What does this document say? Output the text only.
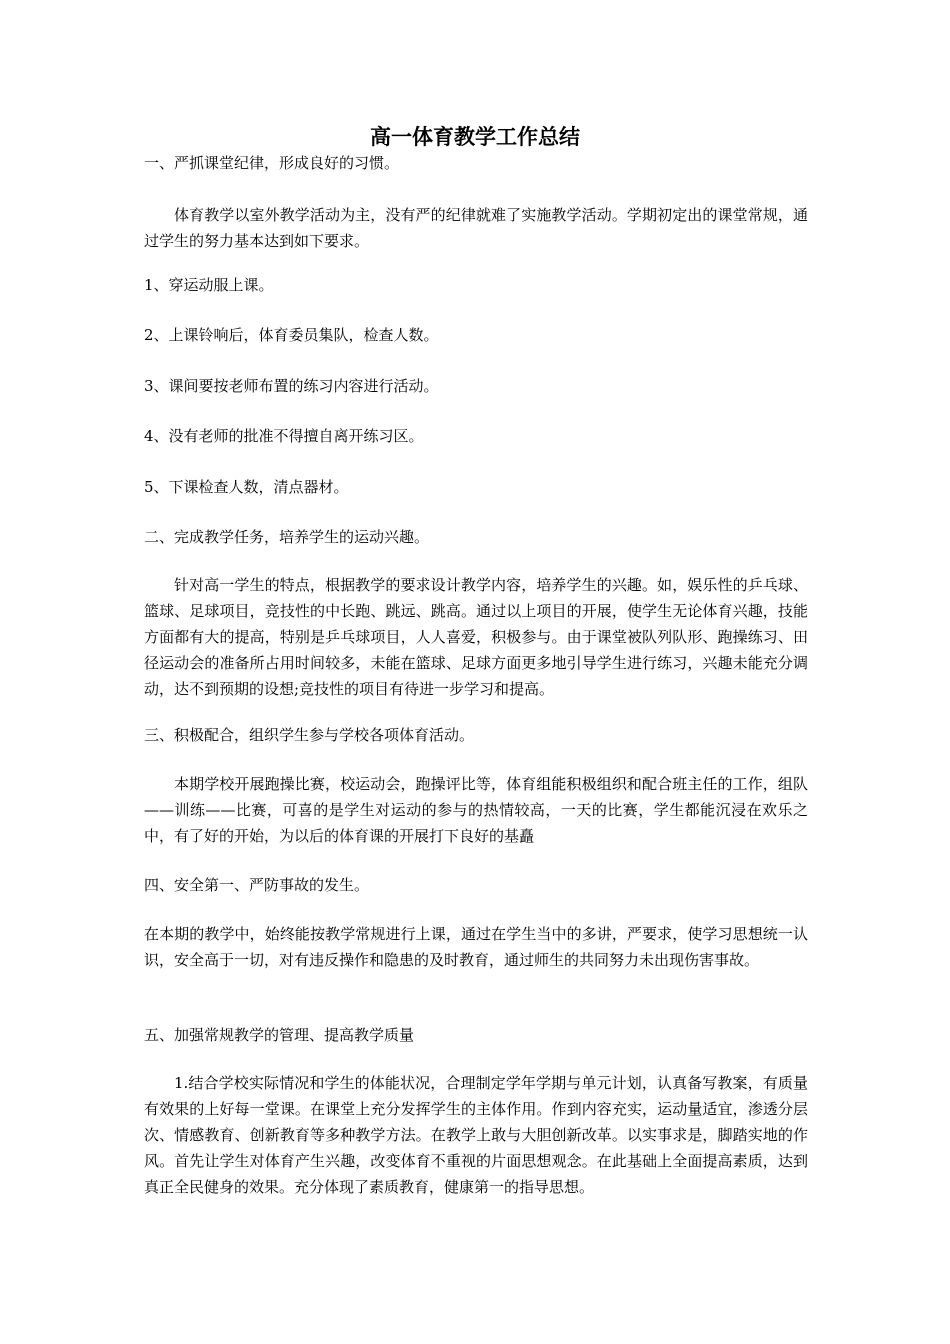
高一体育教学工作总结

一、严抓课堂纪律，形成良好的习惯。

体育教学以室外教学活动为主，没有严的纪律就难了实施教学活动。学期初定出的课堂常规，通过学生的努力基本达到如下要求。

1、穿运动服上课。

2、上课铃响后，体育委员集队，检查人数。

3、课间要按老师布置的练习内容进行活动。

4、没有老师的批准不得擅自离开练习区。

5、下课检查人数，清点器材。

二、完成教学任务，培养学生的运动兴趣。

针对高一学生的特点，根据教学的要求设计教学内容，培养学生的兴趣。如，娱乐性的乒乓球、篮球、足球项目，竞技性的中长跑、跳远、跳高。通过以上项目的开展，使学生无论体育兴趣，技能方面都有大的提高，特别是乒乓球项目，人人喜爱，积极参与。由于课堂被队列队形、跑操练习、田径运动会的准备所占用时间较多，未能在篮球、足球方面更多地引导学生进行练习，兴趣未能充分调动，达不到预期的设想;竞技性的项目有待进一步学习和提高。

三、积极配合，组织学生参与学校各项体育活动。

本期学校开展跑操比赛，校运动会，跑操评比等，体育组能积极组织和配合班主任的工作，组队——训练——比赛，可喜的是学生对运动的参与的热情较高，一天的比赛，学生都能沉浸在欢乐之中，有了好的开始，为以后的体育课的开展打下良好的基矗

四、安全第一、严防事故的发生。

在本期的教学中，始终能按教学常规进行上课，通过在学生当中的多讲，严要求，使学习思想统一认识，安全高于一切，对有违反操作和隐患的及时教育，通过师生的共同努力未出现伤害事故。

五、加强常规教学的管理、提高教学质量

1.结合学校实际情况和学生的体能状况，合理制定学年学期与单元计划，认真备写教案，有质量有效果的上好每一堂课。在课堂上充分发挥学生的主体作用。作到内容充实，运动量适宜，渗透分层次、情感教育、创新教育等多种教学方法。在教学上敢与大胆创新改革。以实事求是，脚踏实地的作风。首先让学生对体育产生兴趣，改变体育不重视的片面思想观念。在此基础上全面提高素质，达到真正全民健身的效果。充分体现了素质教育，健康第一的指导思想。
